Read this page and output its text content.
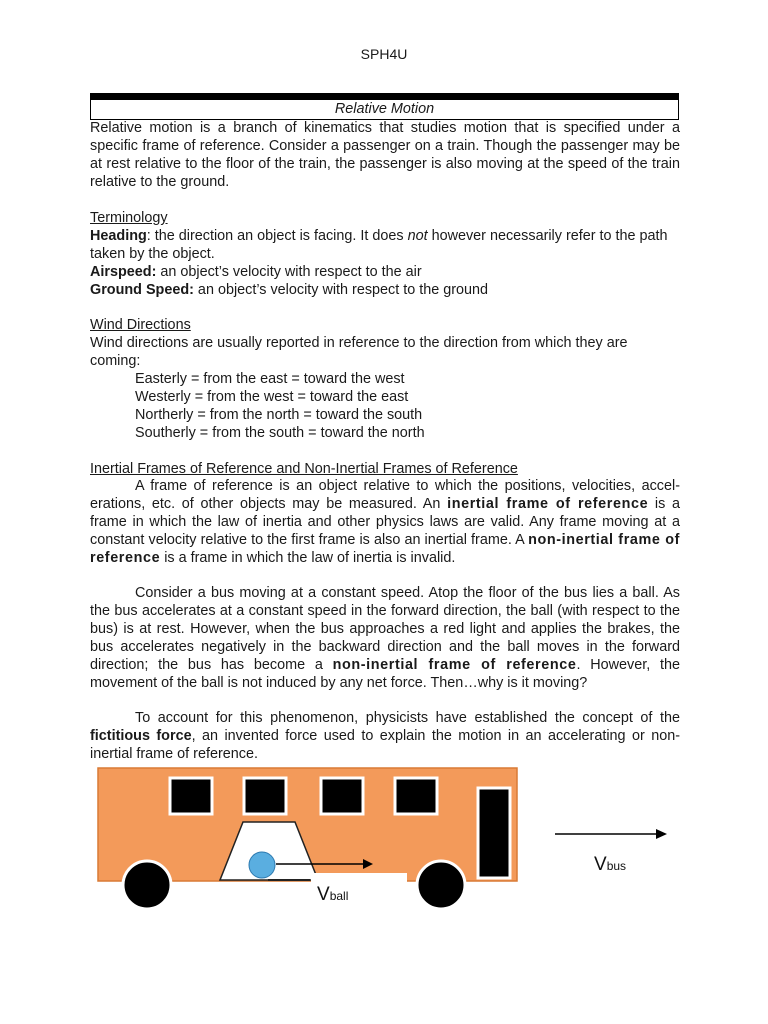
SPH4U
Relative Motion

Relative motion is a branch of kinematics that studies motion that is specified under a specific frame of reference. Consider a passenger on a train. Though the passenger may be at rest relative to the floor of the train, the passenger is also moving at the speed of the train relative to the ground.

Terminology
Heading: the direction an object is facing. It does not however necessarily refer to the path taken by the object.
Airspeed: an object’s velocity with respect to the air
Ground Speed: an object’s velocity with respect to the ground
Wind Directions
Wind directions are usually reported in reference to the direction from which they are coming:
Easterly = from the east = toward the west
Westerly = from the west = toward the east
Northerly = from the north = toward the south
Southerly = from the south = toward the north
Inertial Frames of Reference and Non-Inertial Frames of Reference

A frame of reference is an object relative to which the positions, velocities, accel- erations, etc. of other objects may be measured. An inertial frame of reference is a frame in which the law of inertia and other physics laws are valid. Any frame moving at a constant velocity relative to the first frame is also an inertial frame. A non-inertial frame of reference is a frame in which the law of inertia is invalid.

Consider a bus moving at a constant speed. Atop the floor of the bus lies a ball. As the bus accelerates at a constant speed in the forward direction, the ball (with respect to the bus) is at rest. However, when the bus approaches a red light and applies the brakes, the bus accelerates negatively in the backward direction and the ball moves in the forward direction; the bus has become a non-inertial frame of reference. However, the movement of the ball is not induced by any net force. Then…why is it moving?

To account for this phenomenon, physicists have established the concept of the fictitious force, an invented force used to explain the motion in an accelerating or non-inertial frame of reference.

Vball
Vbus
